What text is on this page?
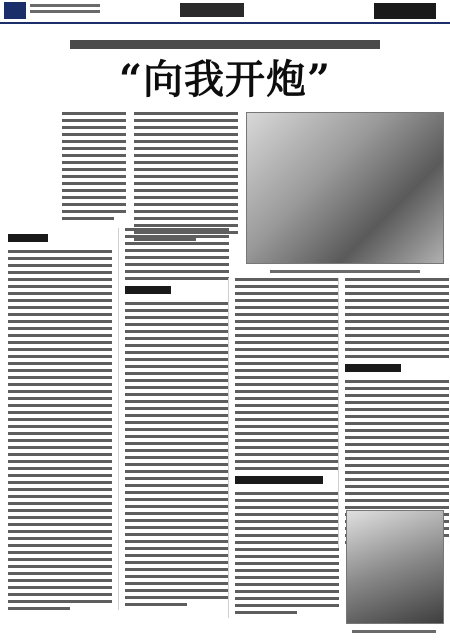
“向我开炮”
